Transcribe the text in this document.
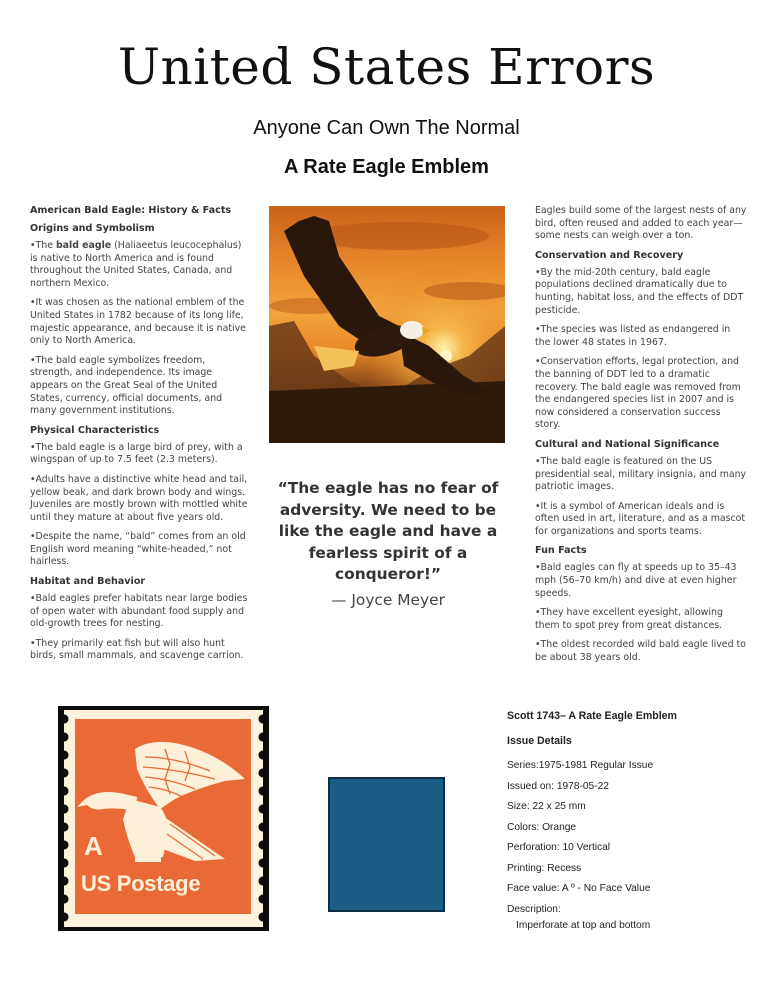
United States Errors
Anyone Can Own The Normal
A Rate Eagle Emblem
American Bald Eagle: History & Facts
Origins and Symbolism

•The bald eagle (Haliaeetus leucocephalus) is native to North America and is found throughout the United States, Canada, and northern Mexico.

•It was chosen as the national emblem of the United States in 1782 because of its long life, majestic appearance, and because it is native only to North America.

•The bald eagle symbolizes freedom, strength, and independence. Its image appears on the Great Seal of the United States, currency, official documents, and many government institutions.

Physical Characteristics

•The bald eagle is a large bird of prey, with a wingspan of up to 7.5 feet (2.3 meters).

•Adults have a distinctive white head and tail, yellow beak, and dark brown body and wings. Juveniles are mostly brown with mottled white until they mature at about five years old.

•Despite the name, “bald” comes from an old English word meaning “white-headed,” not hairless.

Habitat and Behavior

•Bald eagles prefer habitats near large bodies of open water with abundant food supply and old-growth trees for nesting.

•They primarily eat fish but will also hunt birds, small mammals, and scavenge carrion.

“The eagle has no fear of adversity. We need to be like the eagle and have a fearless spirit of a conqueror!”
— Joyce Meyer

Eagles build some of the largest nests of any bird, often reused and added to each year—some nests can weigh over a ton.

Conservation and Recovery

•By the mid-20th century, bald eagle populations declined dramatically due to hunting, habitat loss, and the effects of DDT pesticide.

•The species was listed as endangered in the lower 48 states in 1967.

•Conservation efforts, legal protection, and the banning of DDT led to a dramatic recovery. The bald eagle was removed from the endangered species list in 2007 and is now considered a conservation success story.

Cultural and National Significance

•The bald eagle is featured on the US presidential seal, military insignia, and many patriotic images.

•It is a symbol of American ideals and is often used in art, literature, and as a mascot for organizations and sports teams.

Fun Facts

•Bald eagles can fly at speeds up to 35–43 mph (56–70 km/h) and dive at even higher speeds.

•They have excellent eyesight, allowing them to spot prey from great distances.

•The oldest recorded wild bald eagle lived to be about 38 years old.

A
US Postage
Scott 1743– A Rate Eagle Emblem
Issue Details
Series:1975-1981 Regular Issue
Issued on: 1978-05-22
Size: 22 x 25 mm
Colors: Orange
Perforation: 10 Vertical
Printing: Recess
Face value: A º - No Face Value
Description:
Imperforate at top and bottom
